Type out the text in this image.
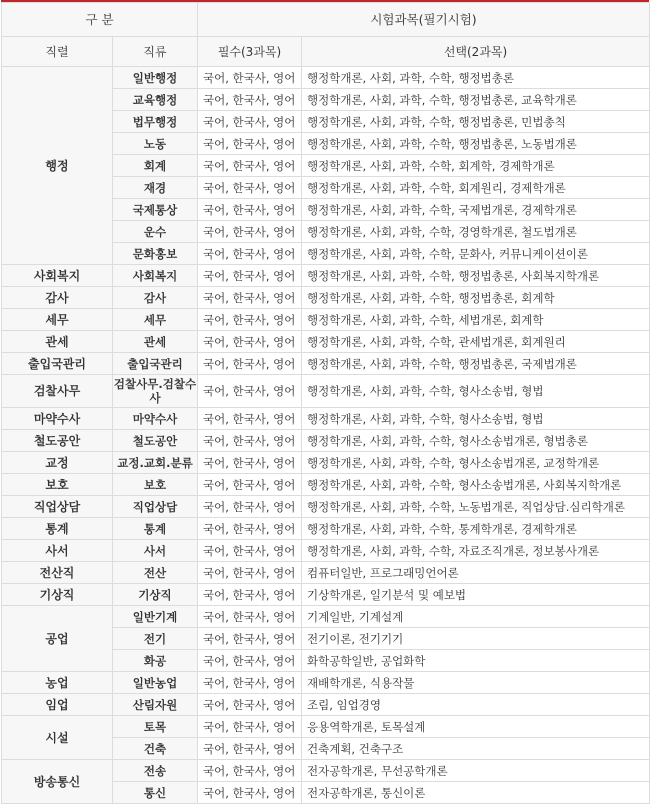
구 분		시험과목(필기시험)	
직렬	직류	필수(3과목)	선택(2과목)
행정	일반행정	국어, 한국사, 영어	행정학개론, 사회, 과학, 수학, 행정법총론
	교육행정	국어, 한국사, 영어	행정학개론, 사회, 과학, 수학, 행정법총론, 교육학개론
	법무행정	국어, 한국사, 영어	행정학개론, 사회, 과학, 수학, 행정법총론, 민법총칙
	노동	국어, 한국사, 영어	행정학개론, 사회, 과학, 수학, 행정법총론, 노동법개론
	회계	국어, 한국사, 영어	행정학개론, 사회, 과학, 수학, 회계학, 경제학개론
	재경	국어, 한국사, 영어	행정학개론, 사회, 과학, 수학, 회계원리, 경제학개론
	국제통상	국어, 한국사, 영어	행정학개론, 사회, 과학, 수학, 국제법개론, 경제학개론
	운수	국어, 한국사, 영어	행정학개론, 사회, 과학, 수학, 경영학개론, 철도법개론
	문화홍보	국어, 한국사, 영어	행정학개론, 사회, 과학, 수학, 문화사, 커뮤니케이션이론
사회복지	사회복지	국어, 한국사, 영어	행정학개론, 사회, 과학, 수학, 행정법총론, 사회복지학개론
감사	감사	국어, 한국사, 영어	행정학개론, 사회, 과학, 수학, 행정법총론, 회계학
세무	세무	국어, 한국사, 영어	행정학개론, 사회, 과학, 수학, 세법개론, 회계학
관세	관세	국어, 한국사, 영어	행정학개론, 사회, 과학, 수학, 관세법개론, 회계원리
출입국관리	출입국관리	국어, 한국사, 영어	행정학개론, 사회, 과학, 수학, 행정법총론, 국제법개론
검찰사무	검찰사무.검찰수사	국어, 한국사, 영어	행정학개론, 사회, 과학, 수학, 형사소송법, 형법
마약수사	마약수사	국어, 한국사, 영어	행정학개론, 사회, 과학, 수학, 형사소송법, 형법
철도공안	철도공안	국어, 한국사, 영어	행정학개론, 사회, 과학, 수학, 형사소송법개론, 형법총론
교정	교정.교회.분류	국어, 한국사, 영어	행정학개론, 사회, 과학, 수학, 형사소송법개론, 교정학개론
보호	보호	국어, 한국사, 영어	행정학개론, 사회, 과학, 수학, 형사소송법개론, 사회복지학개론
직업상담	직업상담	국어, 한국사, 영어	행정학개론, 사회, 과학, 수학, 노동법개론, 직업상담.심리학개론
통계	통계	국어, 한국사, 영어	행정학개론, 사회, 과학, 수학, 통계학개론, 경제학개론
사서	사서	국어, 한국사, 영어	행정학개론, 사회, 과학, 수학, 자료조직개론, 정보봉사개론
전산직	전산	국어, 한국사, 영어	컴퓨터일반, 프로그래밍언어론
기상직	기상직	국어, 한국사, 영어	기상학개론, 일기분석 및 예보법
공업	일반기계	국어, 한국사, 영어	기계일반, 기계설계
	전기	국어, 한국사, 영어	전기이론, 전기기기
	화공	국어, 한국사, 영어	화학공학일반, 공업화학
농업	일반농업	국어, 한국사, 영어	재배학개론, 식용작물
임업	산림자원	국어, 한국사, 영어	조림, 임업경영
시설	토목	국어, 한국사, 영어	응용역학개론, 토목설계
	건축	국어, 한국사, 영어	건축계획, 건축구조
방송통신	전송	국어, 한국사, 영어	전자공학개론, 무선공학개론
	통신	국어, 한국사, 영어	전자공학개론, 통신이론
